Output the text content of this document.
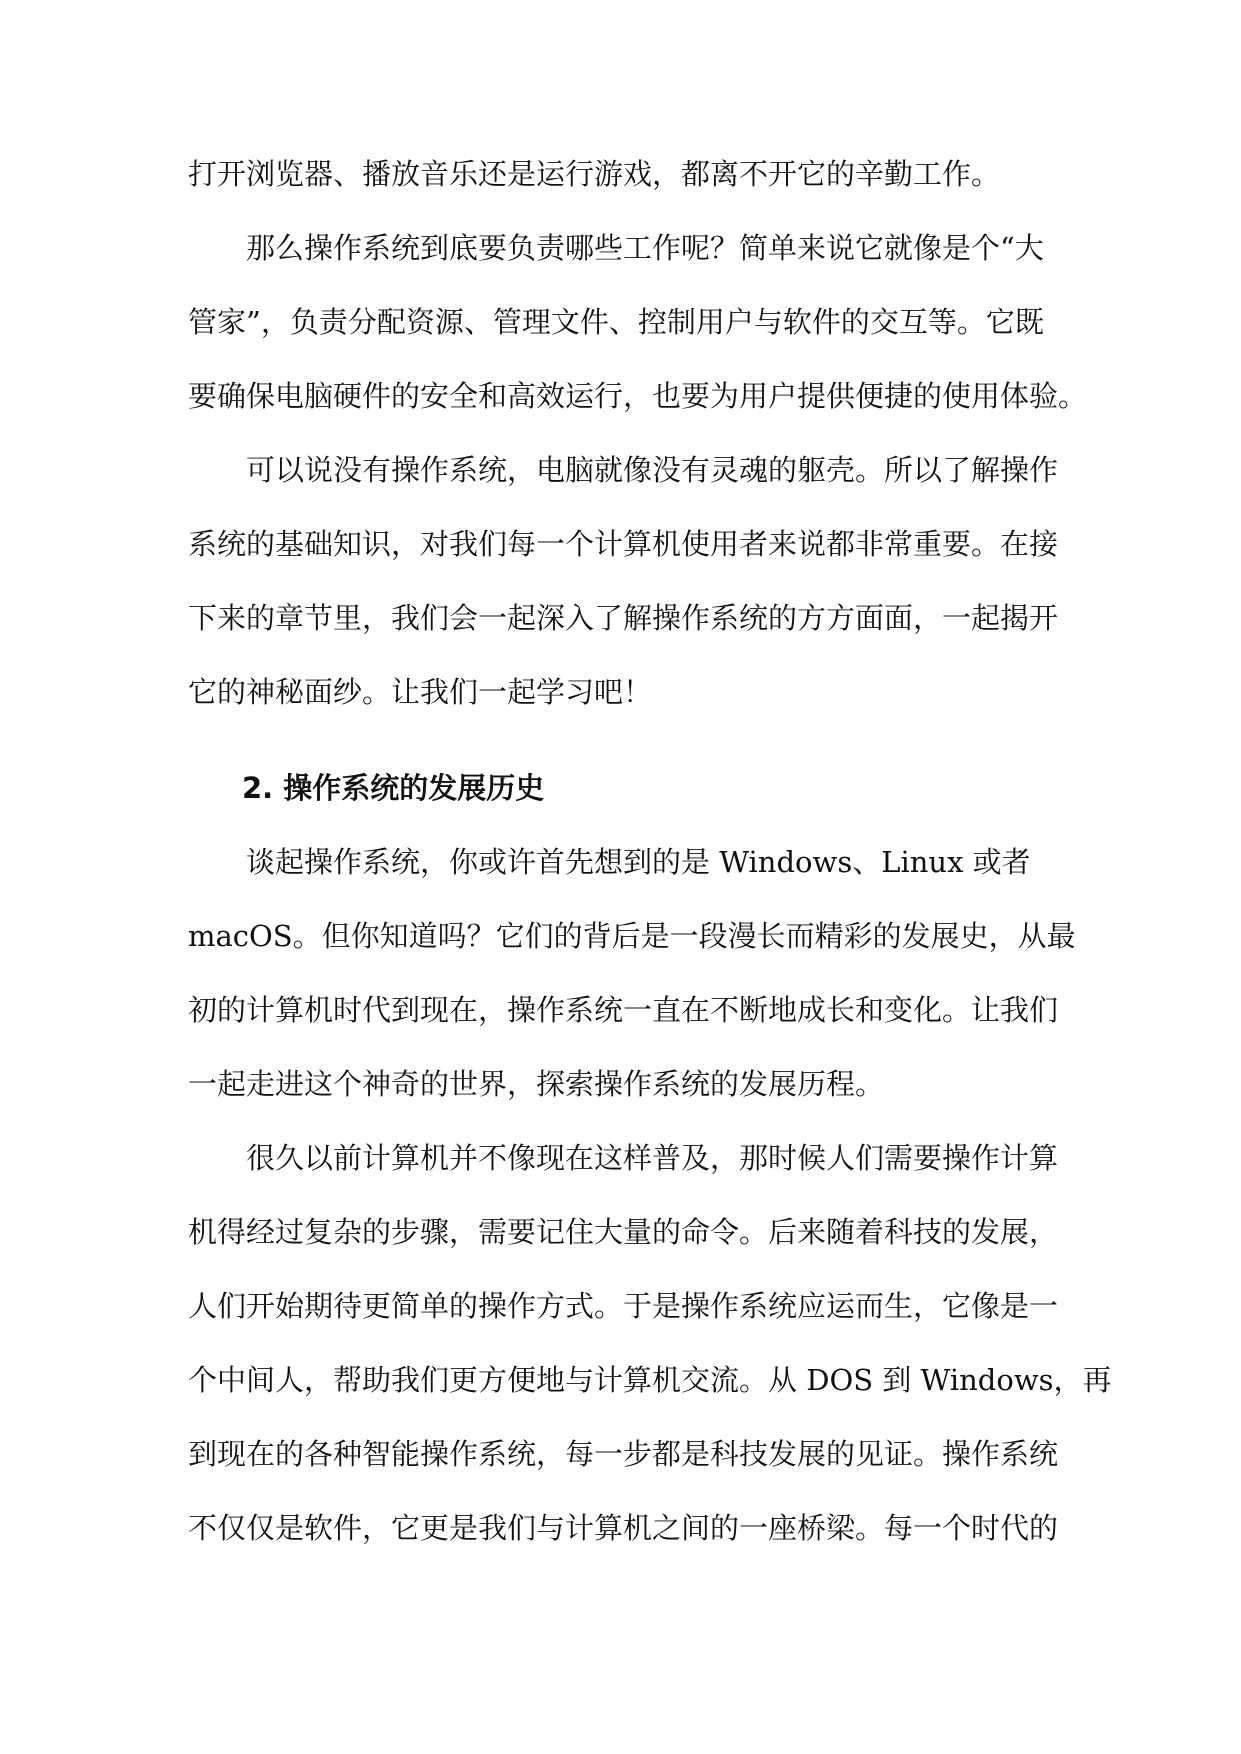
打开浏览器、播放音乐还是运行游戏，都离不开它的辛勤工作。
那么操作系统到底要负责哪些工作呢？简单来说它就像是个“大
管家”，负责分配资源、管理文件、控制用户与软件的交互等。它既
要确保电脑硬件的安全和高效运行，也要为用户提供便捷的使用体验。
可以说没有操作系统，电脑就像没有灵魂的躯壳。所以了解操作
系统的基础知识，对我们每一个计算机使用者来说都非常重要。在接
下来的章节里，我们会一起深入了解操作系统的方方面面，一起揭开
它的神秘面纱。让我们一起学习吧！
2. 操作系统的发展历史
谈起操作系统，你或许首先想到的是 Windows、Linux 或者
macOS。但你知道吗？它们的背后是一段漫长而精彩的发展史，从最
初的计算机时代到现在，操作系统一直在不断地成长和变化。让我们
一起走进这个神奇的世界，探索操作系统的发展历程。
很久以前计算机并不像现在这样普及，那时候人们需要操作计算
机得经过复杂的步骤，需要记住大量的命令。后来随着科技的发展，
人们开始期待更简单的操作方式。于是操作系统应运而生，它像是一
个中间人，帮助我们更方便地与计算机交流。从 DOS 到 Windows，再
到现在的各种智能操作系统，每一步都是科技发展的见证。操作系统
不仅仅是软件，它更是我们与计算机之间的一座桥梁。每一个时代的
